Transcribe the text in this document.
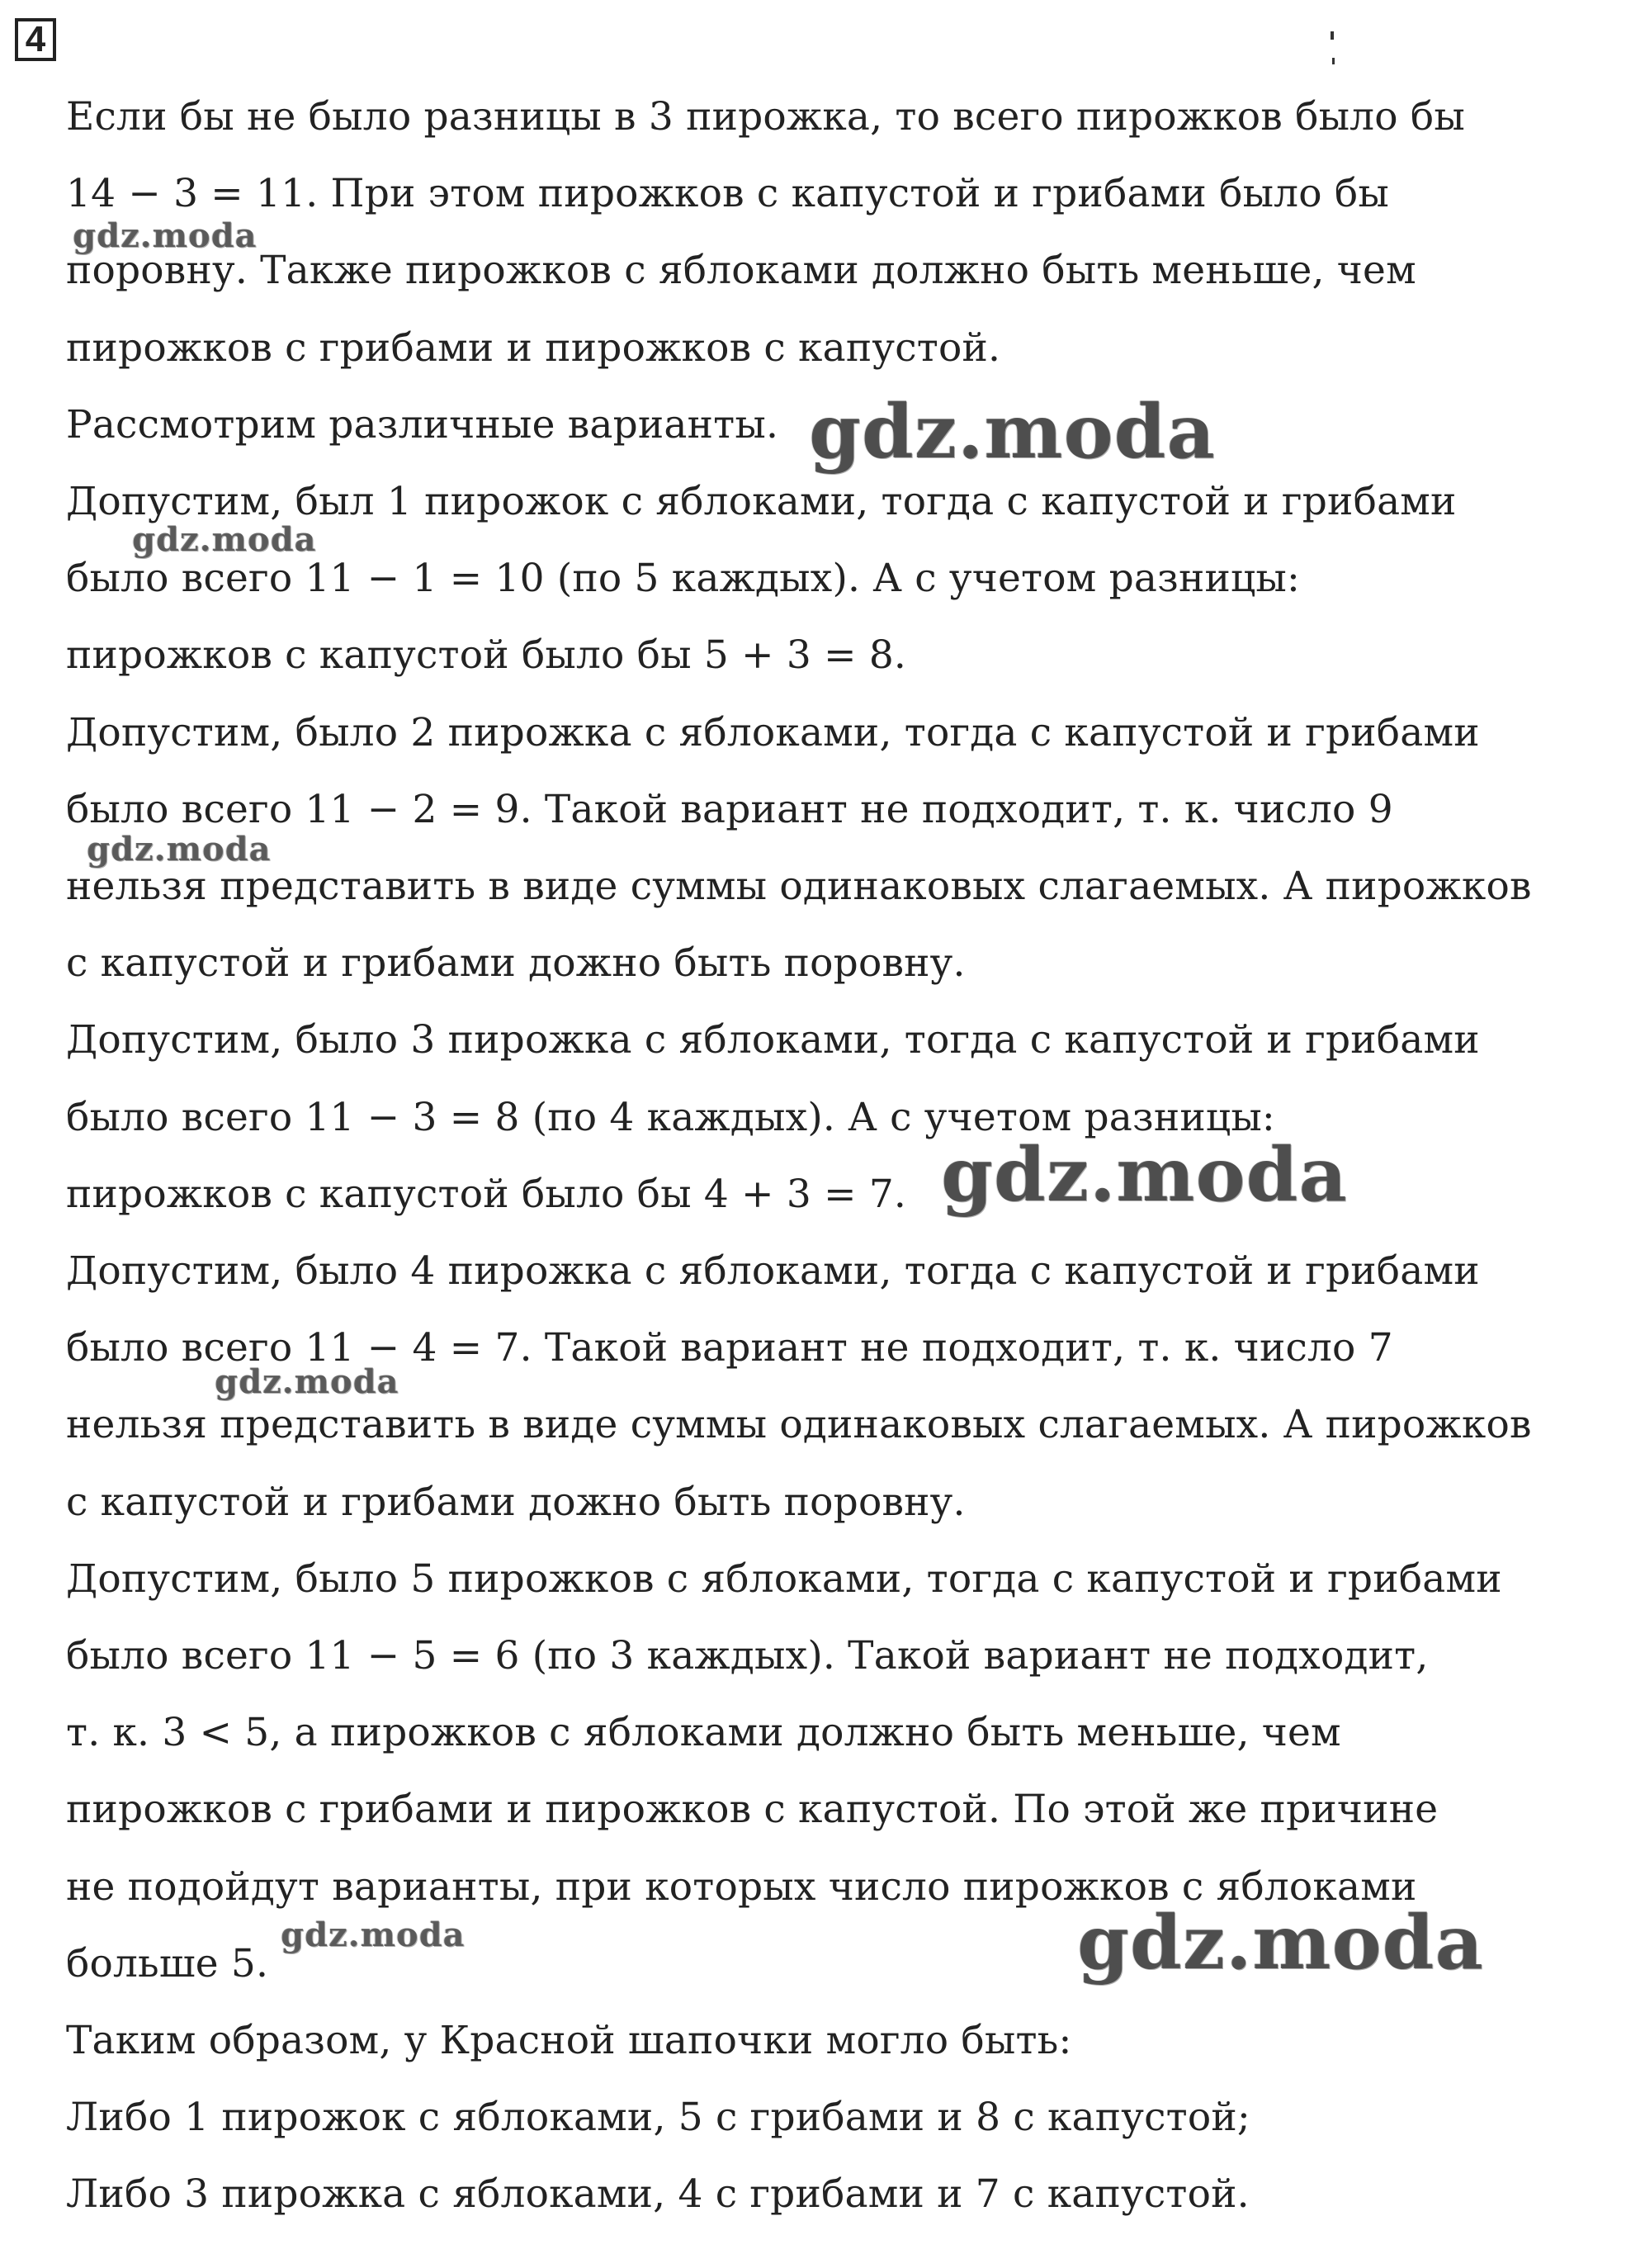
4
Если бы не было разницы в 3 пирожка, то всего пирожков было бы
14 − 3 = 11. При этом пирожков с капустой и грибами было бы
поровну. Также пирожков с яблоками должно быть меньше, чем
пирожков с грибами и пирожков с капустой.
Рассмотрим различные варианты.
Допустим, был 1 пирожок с яблоками, тогда с капустой и грибами
было всего 11 − 1 = 10 (по 5 каждых). А с учетом разницы:
пирожков с капустой было бы 5 + 3 = 8.
Допустим, было 2 пирожка с яблоками, тогда с капустой и грибами
было всего 11 − 2 = 9. Такой вариант не подходит, т. к. число 9
нельзя представить в виде суммы одинаковых слагаемых. А пирожков
с капустой и грибами дожно быть поровну.
Допустим, было 3 пирожка с яблоками, тогда с капустой и грибами
было всего 11 − 3 = 8 (по 4 каждых). А с учетом разницы:
пирожков с капустой было бы 4 + 3 = 7.
Допустим, было 4 пирожка с яблоками, тогда с капустой и грибами
было всего 11 − 4 = 7. Такой вариант не подходит, т. к. число 7
нельзя представить в виде суммы одинаковых слагаемых. А пирожков
с капустой и грибами дожно быть поровну.
Допустим, было 5 пирожков с яблоками, тогда с капустой и грибами
было всего 11 − 5 = 6 (по 3 каждых). Такой вариант не подходит,
т. к. 3 < 5, а пирожков с яблоками должно быть меньше, чем
пирожков с грибами и пирожков с капустой. По этой же причине
не подойдут варианты, при которых число пирожков с яблоками
больше 5.
Таким образом, у Красной шапочки могло быть:
Либо 1 пирожок с яблоками, 5 с грибами и 8 с капустой;
Либо 3 пирожка с яблоками, 4 с грибами и 7 с капустой.
gdz.moda
gdz.moda
gdz.moda
gdz.moda
gdz.moda
gdz.moda
gdz.moda	gdz.moda
